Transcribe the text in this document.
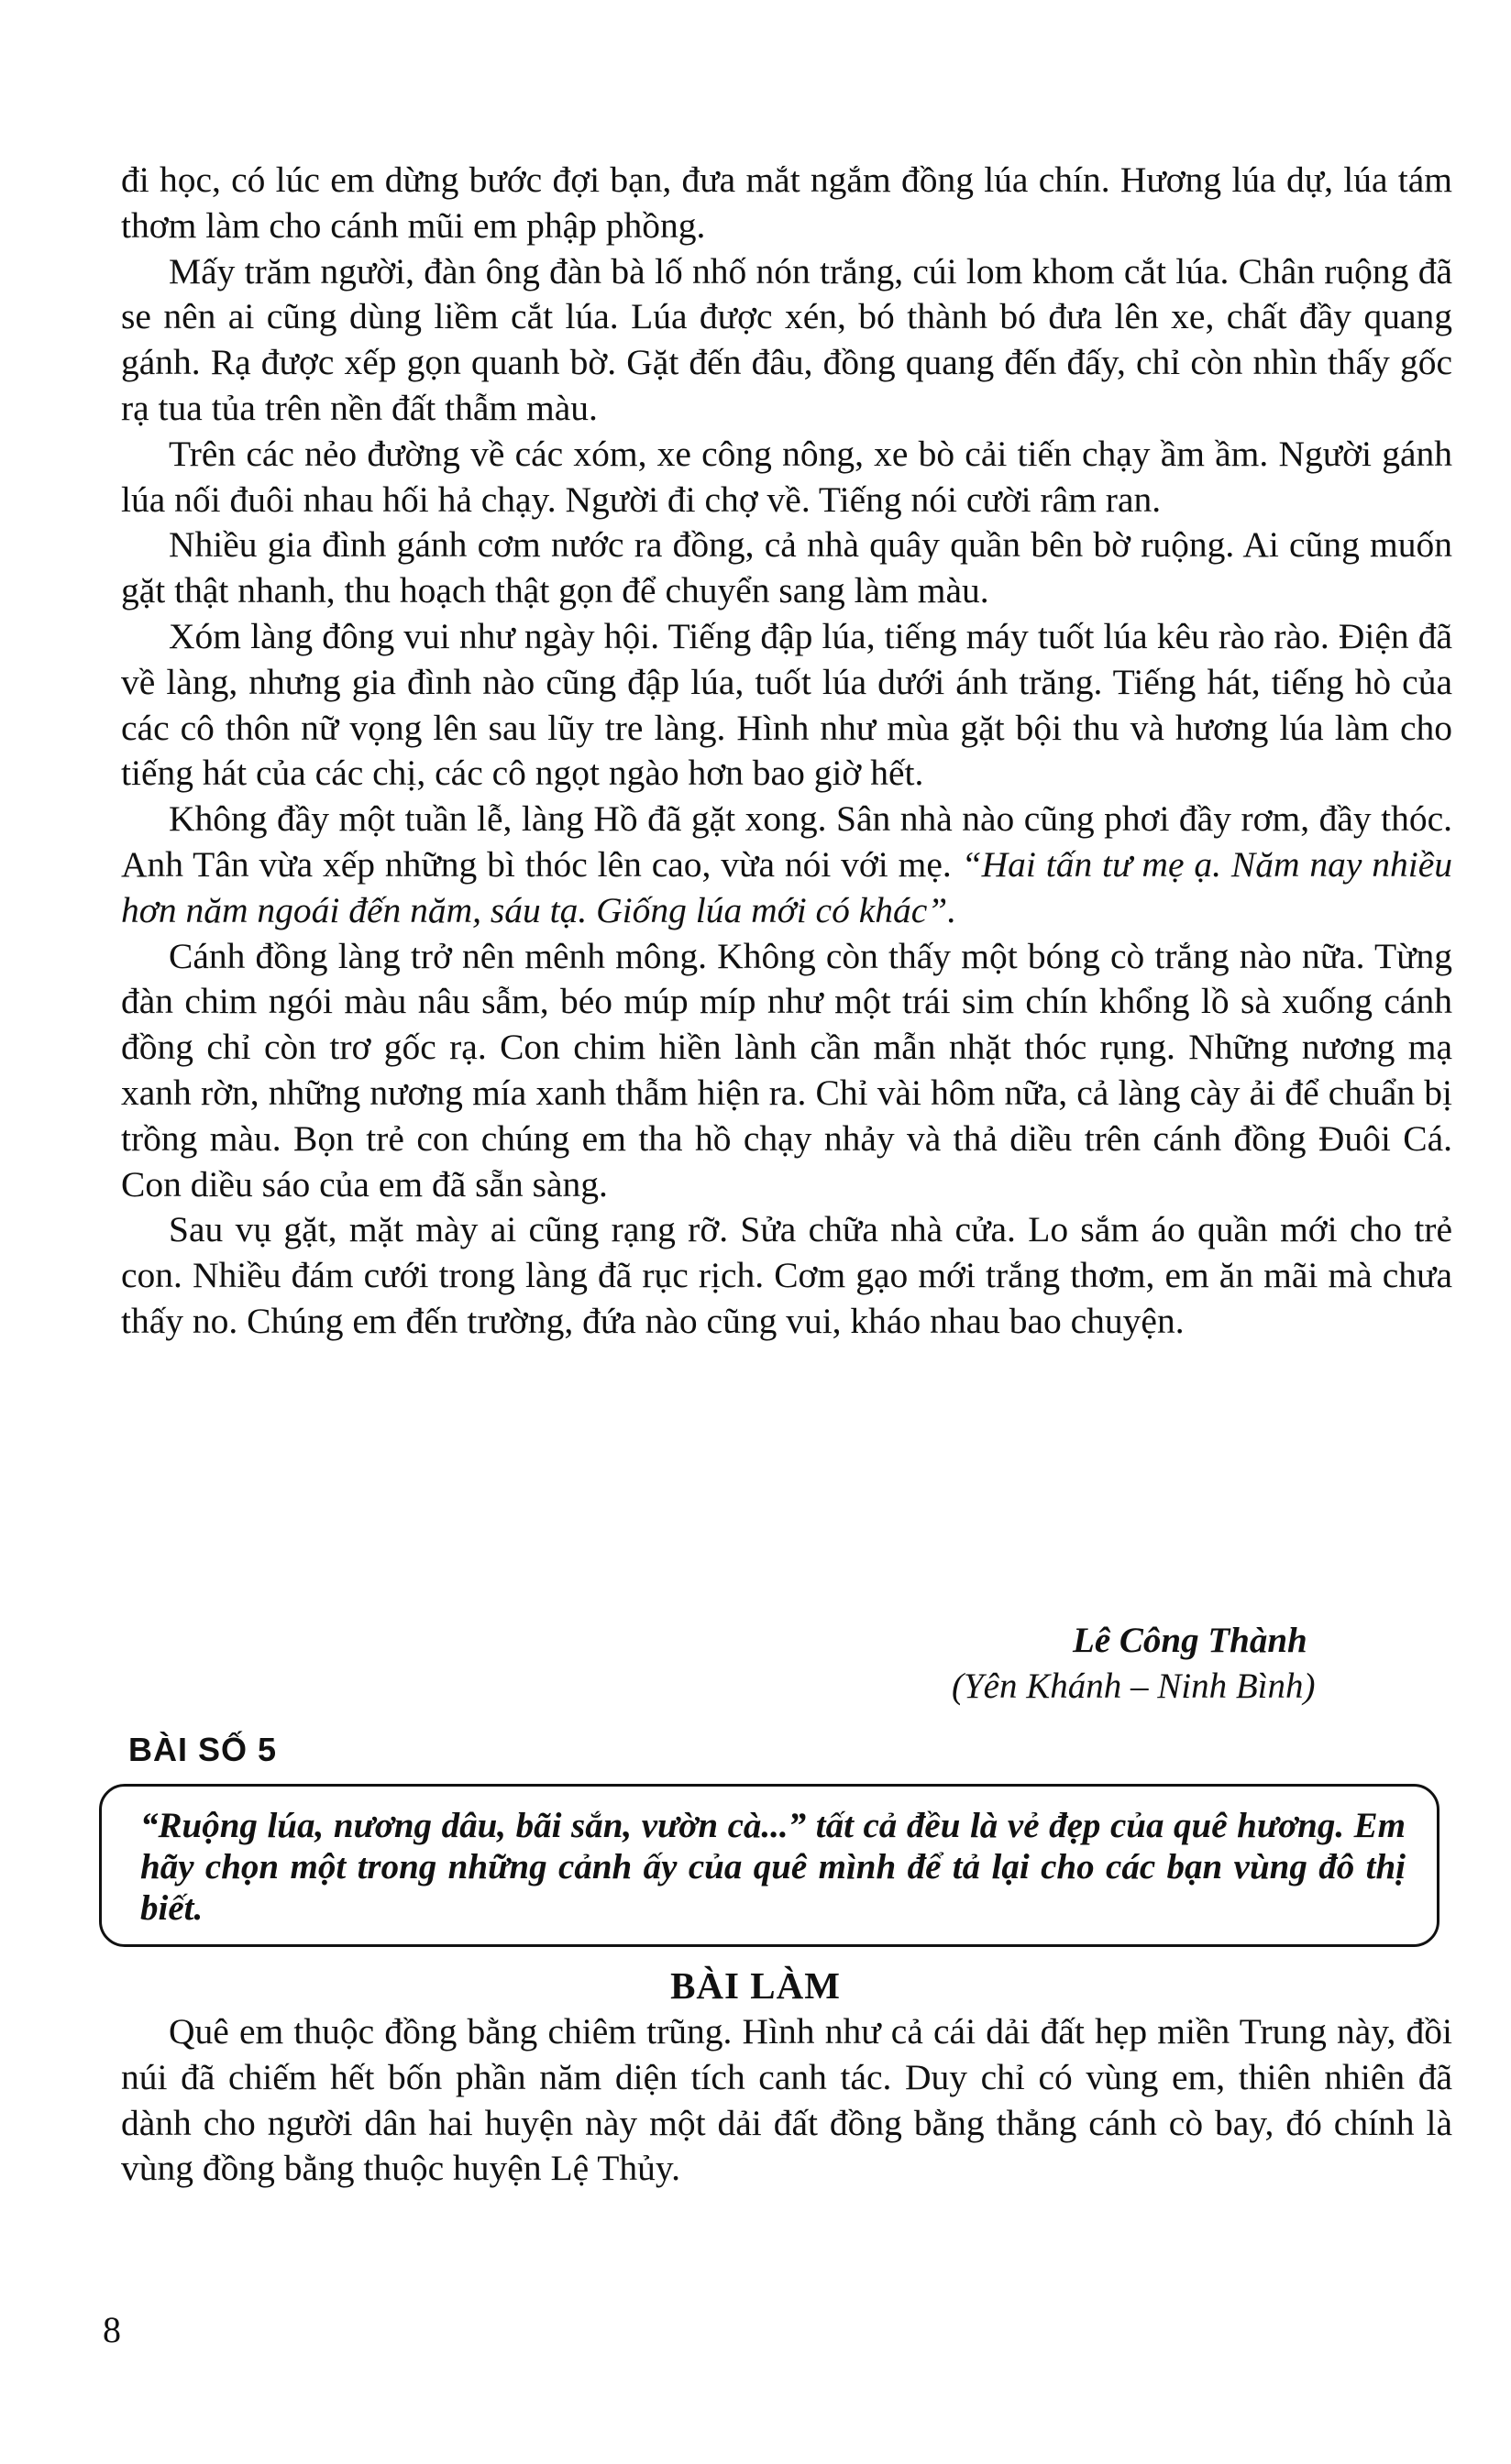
đi học, có lúc em dừng bước đợi bạn, đưa mắt ngắm đồng lúa chín. Hương lúa dự, lúa tám thơm làm cho cánh mũi em phập phồng.

Mấy trăm người, đàn ông đàn bà lố nhố nón trắng, cúi lom khom cắt lúa. Chân ruộng đã se nên ai cũng dùng liềm cắt lúa. Lúa được xén, bó thành bó đưa lên xe, chất đầy quang gánh. Rạ được xếp gọn quanh bờ. Gặt đến đâu, đồng quang đến đấy, chỉ còn nhìn thấy gốc rạ tua tủa trên nền đất thẫm màu.

Trên các nẻo đường về các xóm, xe công nông, xe bò cải tiến chạy ầm ầm. Người gánh lúa nối đuôi nhau hối hả chạy. Người đi chợ về. Tiếng nói cười râm ran.

Nhiều gia đình gánh cơm nước ra đồng, cả nhà quây quần bên bờ ruộng. Ai cũng muốn gặt thật nhanh, thu hoạch thật gọn để chuyển sang làm màu.

Xóm làng đông vui như ngày hội. Tiếng đập lúa, tiếng máy tuốt lúa kêu rào rào. Điện đã về làng, nhưng gia đình nào cũng đập lúa, tuốt lúa dưới ánh trăng. Tiếng hát, tiếng hò của các cô thôn nữ vọng lên sau lũy tre làng. Hình như mùa gặt bội thu và hương lúa làm cho tiếng hát của các chị, các cô ngọt ngào hơn bao giờ hết.

Không đầy một tuần lễ, làng Hồ đã gặt xong. Sân nhà nào cũng phơi đầy rơm, đầy thóc. Anh Tân vừa xếp những bì thóc lên cao, vừa nói với mẹ. “Hai tấn tư mẹ ạ. Năm nay nhiều hơn năm ngoái đến năm, sáu tạ. Giống lúa mới có khác”.

Cánh đồng làng trở nên mênh mông. Không còn thấy một bóng cò trắng nào nữa. Từng đàn chim ngói màu nâu sẫm, béo múp míp như một trái sim chín khổng lồ sà xuống cánh đồng chỉ còn trơ gốc rạ. Con chim hiền lành cần mẫn nhặt thóc rụng. Những nương mạ xanh rờn, những nương mía xanh thẫm hiện ra. Chỉ vài hôm nữa, cả làng cày ải để chuẩn bị trồng màu. Bọn trẻ con chúng em tha hồ chạy nhảy và thả diều trên cánh đồng Đuôi Cá. Con diều sáo của em đã sẵn sàng.

Sau vụ gặt, mặt mày ai cũng rạng rỡ. Sửa chữa nhà cửa. Lo sắm áo quần mới cho trẻ con. Nhiều đám cưới trong làng đã rục rịch. Cơm gạo mới trắng thơm, em ăn mãi mà chưa thấy no. Chúng em đến trường, đứa nào cũng vui, kháo nhau bao chuyện.

Lê Công Thành
(Yên Khánh – Ninh Bình)
BÀI SỐ 5
“Ruộng lúa, nương dâu, bãi sắn, vườn cà...” tất cả đều là vẻ đẹp của quê hương. Em hãy chọn một trong những cảnh ấy của quê mình để tả lại cho các bạn vùng đô thị biết.
BÀI LÀM

Quê em thuộc đồng bằng chiêm trũng. Hình như cả cái dải đất hẹp miền Trung này, đồi núi đã chiếm hết bốn phần năm diện tích canh tác. Duy chỉ có vùng em, thiên nhiên đã dành cho người dân hai huyện này một dải đất đồng bằng thẳng cánh cò bay, đó chính là vùng đồng bằng thuộc huyện Lệ Thủy.

8
